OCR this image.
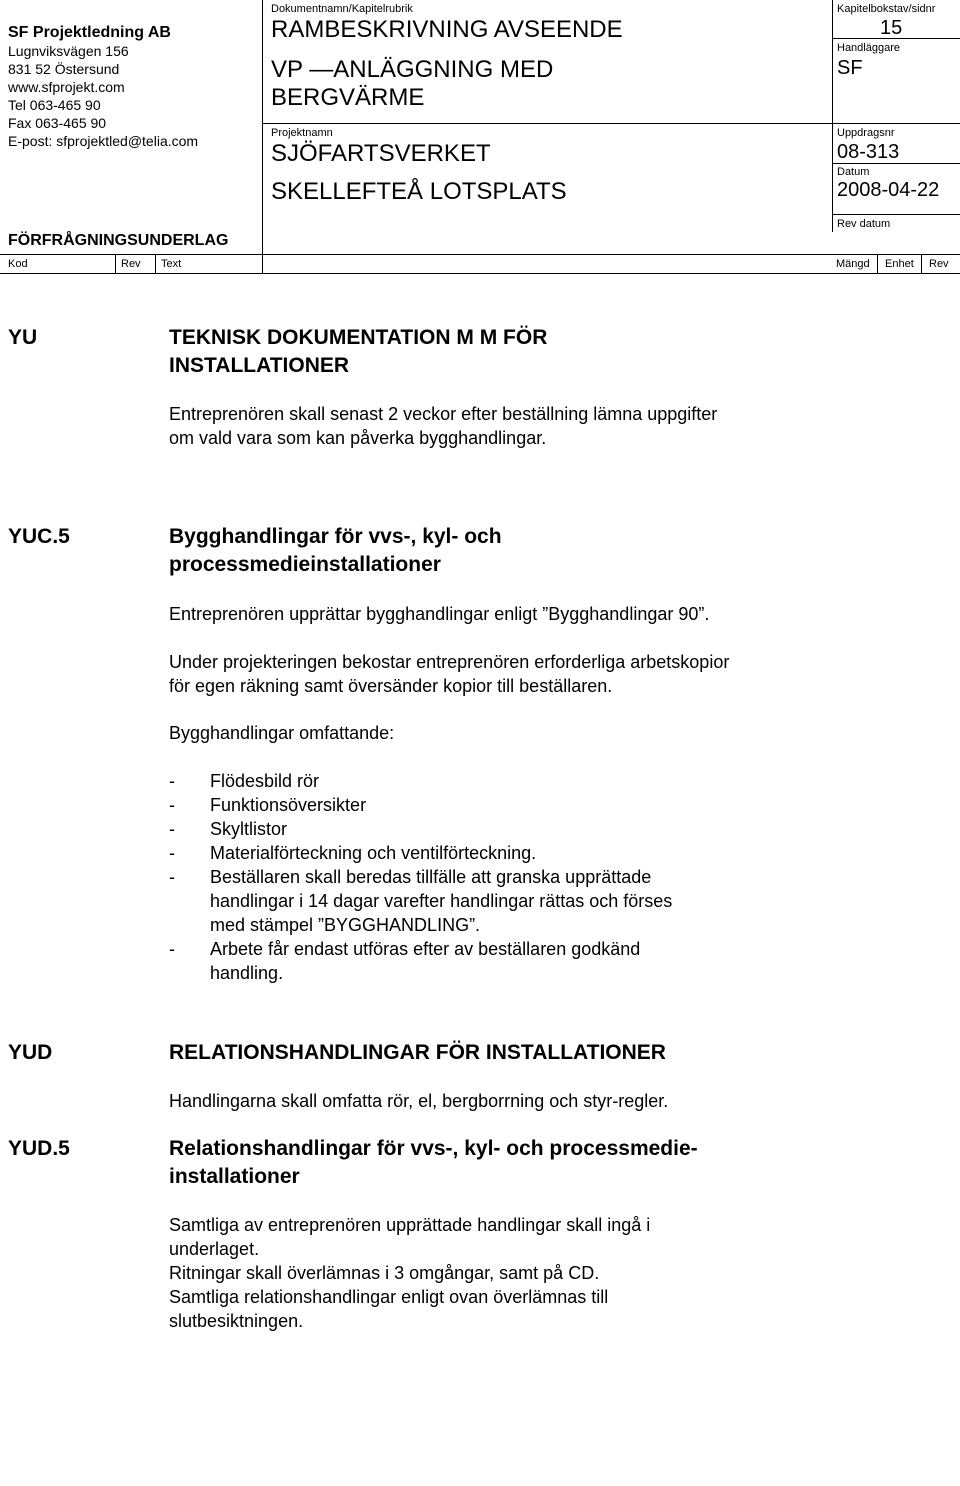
SF Projektledning AB
Lugnviksvägen 156
831 52 Östersund
www.sfprojekt.com
Tel 063-465 90
Fax 063-465 90
E-post: sfprojektled@telia.com
Dokumentnamn/Kapitelrubrik
RAMBESKRIVNING AVSEENDE
VP —ANLÄGGNING MED
BERGVÄRME
Projektnamn
SJÖFARTSVERKET
SKELLEFTEÅ LOTSPLATS
Kapitelbokstav/sidnr
15
Handläggare
SF
Uppdragsnr
08-313
Datum
2008-04-22
Rev datum
FÖRFRÅGNINGSUNDERLAG
Kod	Rev Text	Mängd Enhet Rev
YU	TEKNISK DOKUMENTATION M M FÖR
INSTALLATIONER
Entreprenören skall senast 2 veckor efter beställning lämna uppgifter
om vald vara som kan påverka bygghandlingar.
YUC.5	Bygghandlingar för vvs-, kyl- och
processmedieinstallationer
Entreprenören upprättar bygghandlingar enligt ”Bygghandlingar 90”.
Under projekteringen bekostar entreprenören erforderliga arbetskopior
för egen räkning samt översänder kopior till beställaren.
Bygghandlingar omfattande:
- Flödesbild rör
- Funktionsöversikter
- Skyltlistor
- Materialförteckning och ventilförteckning.
- Beställaren skall beredas tillfälle att granska upprättade
handlingar i 14 dagar varefter handlingar rättas och förses
med stämpel ”BYGGHANDLING”.
- Arbete får endast utföras efter av beställaren godkänd
handling.
YUD	RELATIONSHANDLINGAR FÖR INSTALLATIONER
Handlingarna skall omfatta rör, el, bergborrning och styr-regler.
YUD.5	Relationshandlingar för vvs-, kyl- och processmedie-
installationer
Samtliga av entreprenören upprättade handlingar skall ingå i
underlaget.
Ritningar skall överlämnas i 3 omgångar, samt på CD.
Samtliga relationshandlingar enligt ovan överlämnas till
slutbesiktningen.
